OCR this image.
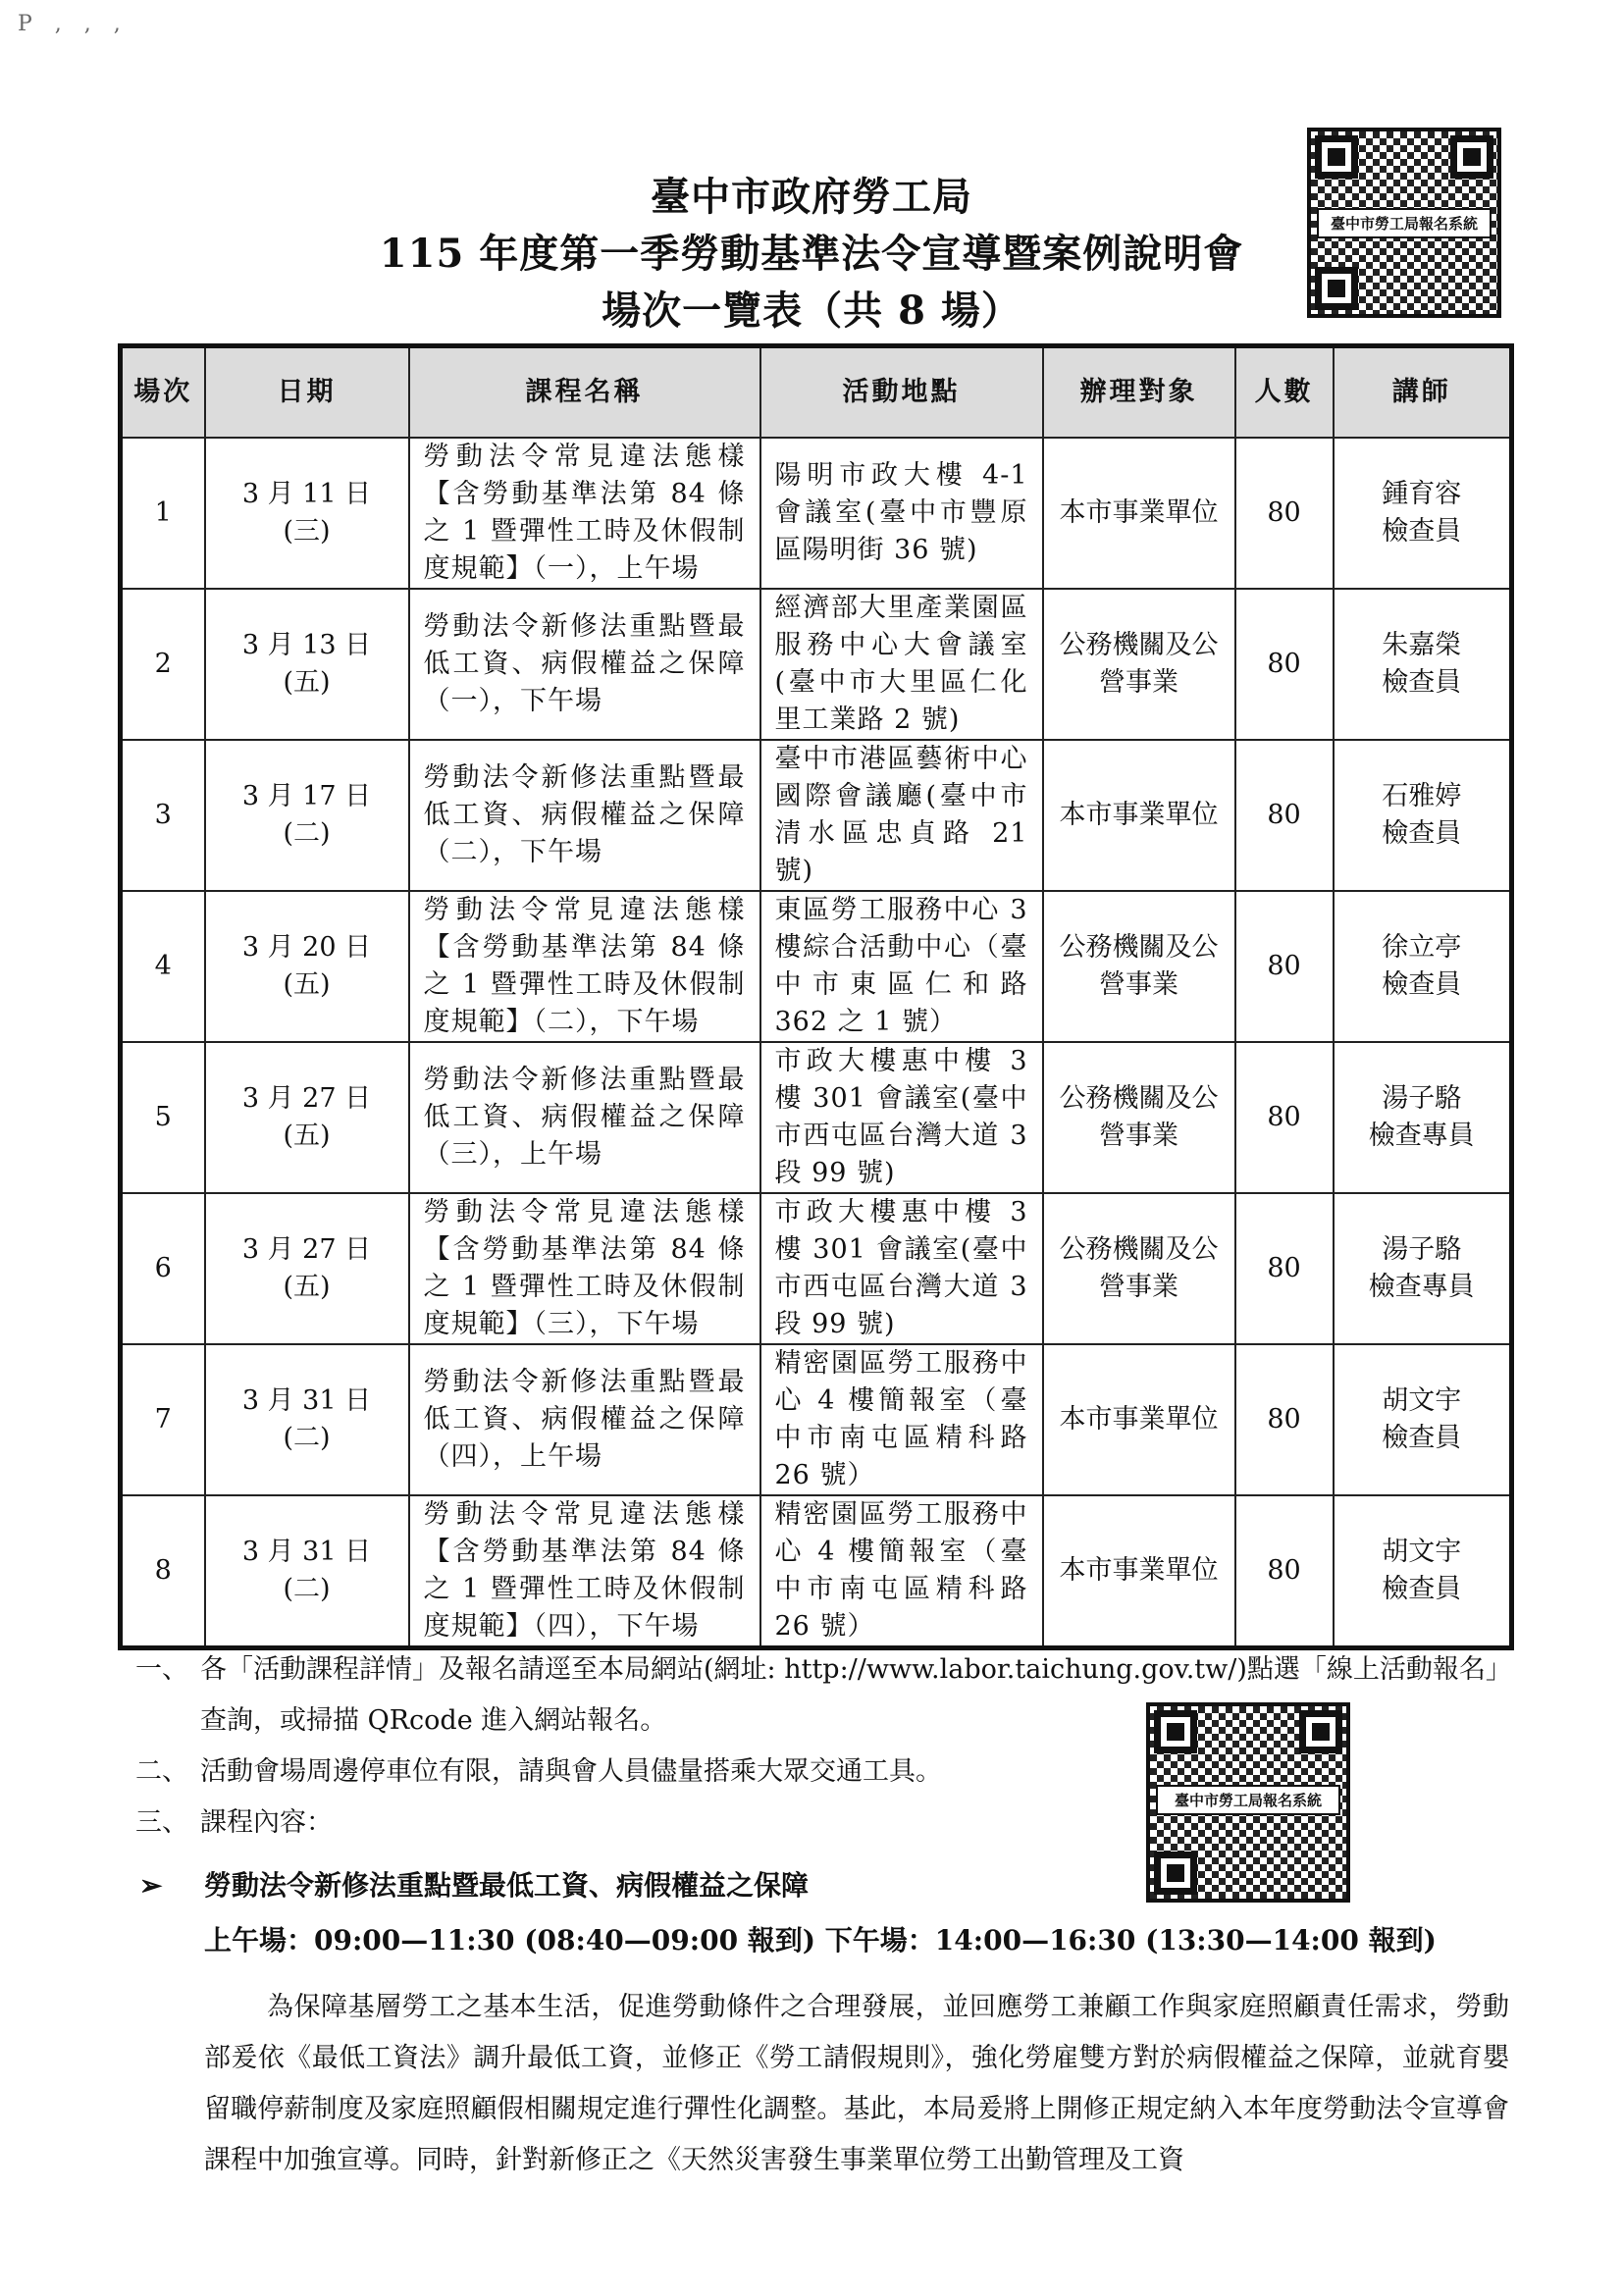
P , , ,
臺中市政府勞工局
115 年度第一季勞動基準法令宣導暨案例說明會
場次一覽表（共 8 場）
臺中市勞工局報名系統
場次	日期	課程名稱	活動地點	辦理對象	人數	講師
1	3 月 11 日(三)	勞動法令常見違法態樣【含勞動基準法第 84 條之 1 暨彈性工時及休假制度規範】（一），上午場	陽明市政大樓 4-1 會議室(臺中市豐原區陽明街 36 號)	本市事業單位	80	鍾育容
檢查員
2	3 月 13 日(五)	勞動法令新修法重點暨最低工資、病假權益之保障（一），下午場	經濟部大里產業園區服務中心大會議室(臺中市大里區仁化里工業路 2 號)	公務機關及公營事業	80	朱嘉榮
檢查員
3	3 月 17 日(二)	勞動法令新修法重點暨最低工資、病假權益之保障（二），下午場	臺中市港區藝術中心國際會議廳(臺中市清水區忠貞路 21 號)	本市事業單位	80	石雅婷
檢查員
4	3 月 20 日(五)	勞動法令常見違法態樣【含勞動基準法第 84 條之 1 暨彈性工時及休假制度規範】（二），下午場	東區勞工服務中心 3 樓綜合活動中心（臺中市東區仁和路 362 之 1 號）	公務機關及公營事業	80	徐立亭
檢查員
5	3 月 27 日(五)	勞動法令新修法重點暨最低工資、病假權益之保障（三），上午場	市政大樓惠中樓 3 樓 301 會議室(臺中市西屯區台灣大道 3 段 99 號)	公務機關及公營事業	80	湯子駱
檢查專員
6	3 月 27 日(五)	勞動法令常見違法態樣【含勞動基準法第 84 條之 1 暨彈性工時及休假制度規範】（三），下午場	市政大樓惠中樓 3 樓 301 會議室(臺中市西屯區台灣大道 3 段 99 號)	公務機關及公營事業	80	湯子駱
檢查專員
7	3 月 31 日(二)	勞動法令新修法重點暨最低工資、病假權益之保障（四），上午場	精密園區勞工服務中心 4 樓簡報室（臺中市南屯區精科路 26 號）	本市事業單位	80	胡文宇
檢查員
8	3 月 31 日(二)	勞動法令常見違法態樣【含勞動基準法第 84 條之 1 暨彈性工時及休假制度規範】（四），下午場	精密園區勞工服務中心 4 樓簡報室（臺中市南屯區精科路 26 號）	本市事業單位	80	胡文宇
檢查員
一、 各「活動課程詳情」及報名請逕至本局網站(網址: http://www.labor.taichung.gov.tw/)點選「線上活動報名」查詢，或掃描 QRcode 進入網站報名。
二、 活動會場周邊停車位有限，請與會人員儘量搭乘大眾交通工具。
三、 課程內容：
臺中市勞工局報名系統
➢ 勞動法令新修法重點暨最低工資、病假權益之保障
上午場：09:00—11:30 (08:40—09:00 報到) 下午場：14:00—16:30 (13:30—14:00 報到)

為保障基層勞工之基本生活，促進勞動條件之合理發展，並回應勞工兼顧工作與家庭照顧責任需求，勞動部爰依《最低工資法》調升最低工資，並修正《勞工請假規則》，強化勞雇雙方對於病假權益之保障，並就育嬰留職停薪制度及家庭照顧假相關規定進行彈性化調整。基此，本局爰將上開修正規定納入本年度勞動法令宣導會課程中加強宣導。同時，針對新修正之《天然災害發生事業單位勞工出勤管理及工資
